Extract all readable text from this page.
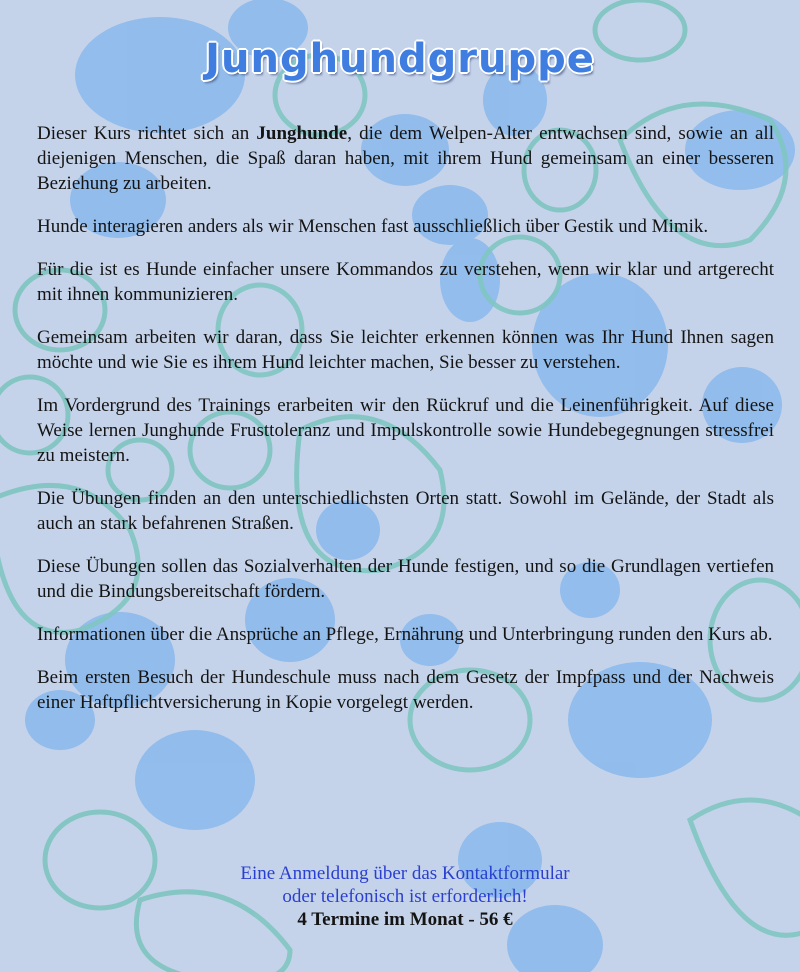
Junghundgruppe

Dieser Kurs richtet sich an Junghunde, die dem Welpen-Alter entwachsen sind, sowie an all diejenigen Menschen, die Spaß daran haben, mit ihrem Hund gemeinsam an einer besseren Beziehung zu arbeiten.

Hunde interagieren anders als wir Menschen fast ausschließlich über Gestik und Mimik.

Für die ist es Hunde einfacher unsere Kommandos zu verstehen, wenn wir klar und artgerecht mit ihnen kommunizieren.

Gemeinsam arbeiten wir daran, dass Sie leichter erkennen können was Ihr Hund Ihnen sagen möchte und wie Sie es ihrem Hund leichter machen, Sie besser zu verstehen.

Im Vordergrund des Trainings erarbeiten wir den Rückruf und die Leinenführigkeit. Auf diese Weise lernen Junghunde Frusttoleranz und Impulskontrolle sowie Hundebegegnungen stressfrei zu meistern.

Die Übungen finden an den unterschiedlichsten Orten statt. Sowohl im Gelände, der Stadt als auch an stark befahrenen Straßen.

Diese Übungen sollen das Sozialverhalten der Hunde festigen, und so die Grundlagen vertiefen und die Bindungsbereitschaft fördern.

Informationen über die Ansprüche an Pflege, Ernährung und Unterbringung runden den Kurs ab.

Beim ersten Besuch der Hundeschule muss nach dem Gesetz der Impfpass und der Nachweis einer Haftpflichtversicherung in Kopie vorgelegt werden.

Eine Anmeldung über das Kontaktformular
oder telefonisch ist erforderlich!
4 Termine im Monat - 56 €
